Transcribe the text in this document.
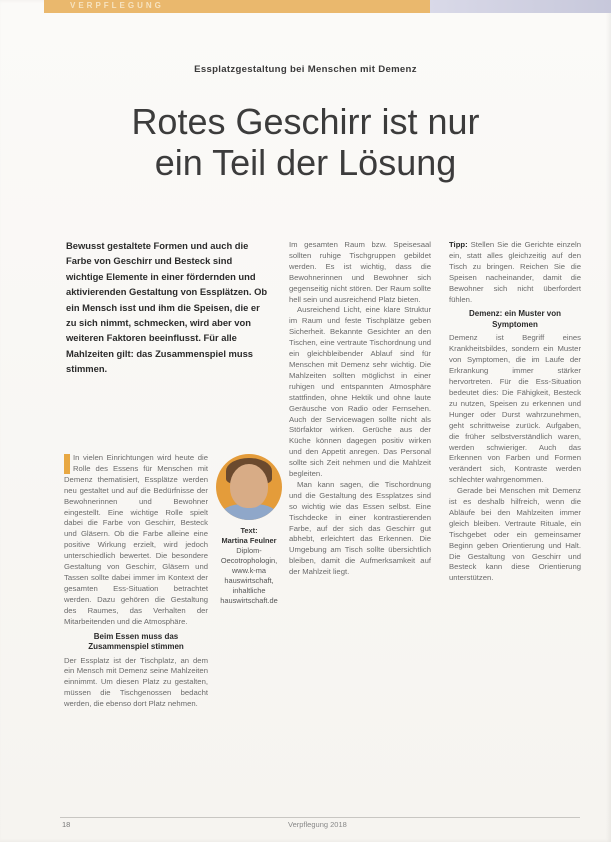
VERPFLEGUNG
Essplatzgestaltung bei Menschen mit Demenz
Rotes Geschirr ist nur
ein Teil der Lösung
Bewusst gestaltete Formen und auch die Farbe von Geschirr und Besteck sind wichtige Elemente in einer fördernden und aktivierenden Gestaltung von Essplätzen. Ob ein Mensch isst und ihm die Speisen, die er zu sich nimmt, schmecken, wird aber von weiteren Faktoren beeinflusst. Für alle Mahlzeiten gilt: das Zusammenspiel muss stimmen.

In vielen Einrichtungen wird heute die Rolle des Essens für Menschen mit Demenz thematisiert, Essplätze werden neu gestaltet und auf die Bedürfnisse der Bewohnerinnen und Bewohner eingestellt. Eine wichtige Rolle spielt dabei die Farbe von Geschirr, Besteck und Gläsern. Ob die Farbe alleine eine positive Wirkung erzielt, wird jedoch unterschiedlich bewertet. Die besondere Gestaltung von Geschirr, Gläsern und Tassen sollte dabei immer im Kontext der gesamten Ess-Situation betrachtet werden. Dazu gehören die Gestaltung des Raumes, das Verhalten der Mitarbeitenden und die Atmosphäre.

Beim Essen muss das Zusammenspiel stimmen

Der Essplatz ist der Tischplatz, an dem ein Mensch mit Demenz seine Mahlzeiten einnimmt. Um diesen Platz zu gestalten, müssen die Tischgenossen bedacht werden, die ebenso dort Platz nehmen.

Text:
Martina Feulner
Diplom-Oecotrophologin, www.k-ma hauswirtschaft, inhaltliche hauswirtschaft.de

Im gesamten Raum bzw. Speisesaal sollten ruhige Tischgruppen gebildet werden. Es ist wichtig, dass die Bewohnerinnen und Bewohner sich gegenseitig nicht stören. Der Raum sollte hell sein und ausreichend Platz bieten.

Ausreichend Licht, eine klare Struktur im Raum und feste Tischplätze geben Sicherheit. Bekannte Gesichter an den Tischen, eine vertraute Tischordnung und ein gleichbleibender Ablauf sind für Menschen mit Demenz sehr wichtig. Die Mahlzeiten sollten möglichst in einer ruhigen und entspannten Atmosphäre stattfinden, ohne Hektik und ohne laute Geräusche von Radio oder Fernsehen. Auch der Servicewagen sollte nicht als Störfaktor wirken. Gerüche aus der Küche können dagegen positiv wirken und den Appetit anregen. Das Personal sollte sich Zeit nehmen und die Mahlzeit begleiten.

Man kann sagen, die Tischordnung und die Gestaltung des Essplatzes sind so wichtig wie das Essen selbst. Eine Tischdecke in einer kontrastierenden Farbe, auf der sich das Geschirr gut abhebt, erleichtert das Erkennen. Die Umgebung am Tisch sollte übersichtlich bleiben, damit die Aufmerksamkeit auf der Mahlzeit liegt.

Tipp: Stellen Sie die Gerichte einzeln ein, statt alles gleichzeitig auf den Tisch zu bringen. Reichen Sie die Speisen nacheinander, damit die Bewohner sich nicht überfordert fühlen.

Demenz: ein Muster von Symptomen

Demenz ist Begriff eines Krankheitsbildes, sondern ein Muster von Symptomen, die im Laufe der Erkrankung immer stärker hervortreten. Für die Ess-Situation bedeutet dies: Die Fähigkeit, Besteck zu nutzen, Speisen zu erkennen und Hunger oder Durst wahrzunehmen, geht schrittweise zurück. Aufgaben, die früher selbstverständlich waren, werden schwieriger. Auch das Erkennen von Farben und Formen verändert sich, Kontraste werden schlechter wahrgenommen.

Gerade bei Menschen mit Demenz ist es deshalb hilfreich, wenn die Abläufe bei den Mahlzeiten immer gleich bleiben. Vertraute Rituale, ein Tischgebet oder ein gemeinsamer Beginn geben Orientierung und Halt. Die Gestaltung von Geschirr und Besteck kann diese Orientierung unterstützen.

18	Verpflegung 2018
